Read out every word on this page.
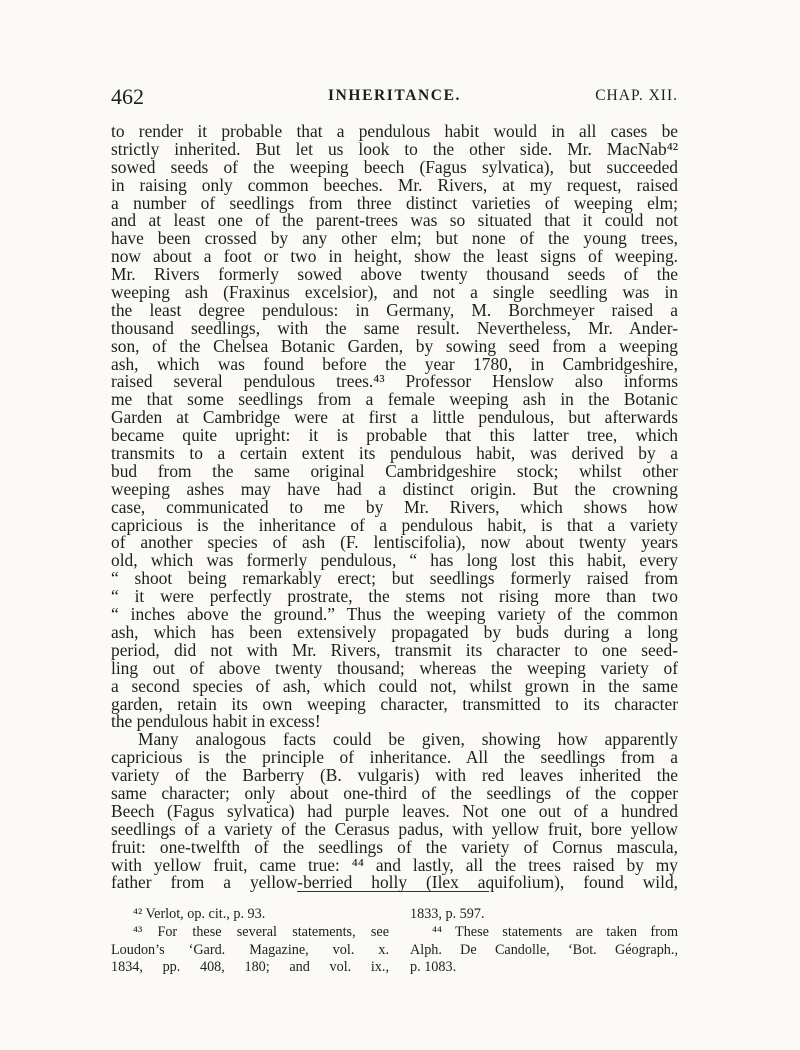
462	INHERITANCE.	CHAP. XII.
to render it probable that a pendulous habit would in all cases be
strictly inherited. But let us look to the other side. Mr. MacNab⁴²
sowed seeds of the weeping beech (Fagus sylvatica), but succeeded
in raising only common beeches. Mr. Rivers, at my request, raised
a number of seedlings from three distinct varieties of weeping elm;
and at least one of the parent-trees was so situated that it could not
have been crossed by any other elm; but none of the young trees,
now about a foot or two in height, show the least signs of weeping.
Mr. Rivers formerly sowed above twenty thousand seeds of the
weeping ash (Fraxinus excelsior), and not a single seedling was in
the least degree pendulous: in Germany, M. Borchmeyer raised a
thousand seedlings, with the same result. Nevertheless, Mr. Ander-
son, of the Chelsea Botanic Garden, by sowing seed from a weeping
ash, which was found before the year 1780, in Cambridgeshire,
raised several pendulous trees.⁴³ Professor Henslow also informs
me that some seedlings from a female weeping ash in the Botanic
Garden at Cambridge were at first a little pendulous, but afterwards
became quite upright: it is probable that this latter tree, which
transmits to a certain extent its pendulous habit, was derived by a
bud from the same original Cambridgeshire stock; whilst other
weeping ashes may have had a distinct origin. But the crowning
case, communicated to me by Mr. Rivers, which shows how
capricious is the inheritance of a pendulous habit, is that a variety
of another species of ash (F. lentiscifolia), now about twenty years
old, which was formerly pendulous, “ has long lost this habit, every
“ shoot being remarkably erect; but seedlings formerly raised from
“ it were perfectly prostrate, the stems not rising more than two
“ inches above the ground.” Thus the weeping variety of the common
ash, which has been extensively propagated by buds during a long
period, did not with Mr. Rivers, transmit its character to one seed-
ling out of above twenty thousand; whereas the weeping variety of
a second species of ash, which could not, whilst grown in the same
garden, retain its own weeping character, transmitted to its character
the pendulous habit in excess!
Many analogous facts could be given, showing how apparently
capricious is the principle of inheritance. All the seedlings from a
variety of the Barberry (B. vulgaris) with red leaves inherited the
same character; only about one-third of the seedlings of the copper
Beech (Fagus sylvatica) had purple leaves. Not one out of a hundred
seedlings of a variety of the Cerasus padus, with yellow fruit, bore yellow
fruit: one-twelfth of the seedlings of the variety of Cornus mascula,
with yellow fruit, came true: ⁴⁴ and lastly, all the trees raised by my
father from a yellow-berried holly (Ilex aquifolium), found wild,
⁴² Verlot, op. cit., p. 93.
⁴³ For these several statements, see
Loudon’s ‘Gard. Magazine, vol. x.
1834, pp. 408, 180; and vol. ix.,
1833, p. 597.
⁴⁴ These statements are taken from
Alph. De Candolle, ‘Bot. Géograph.,
p. 1083.
